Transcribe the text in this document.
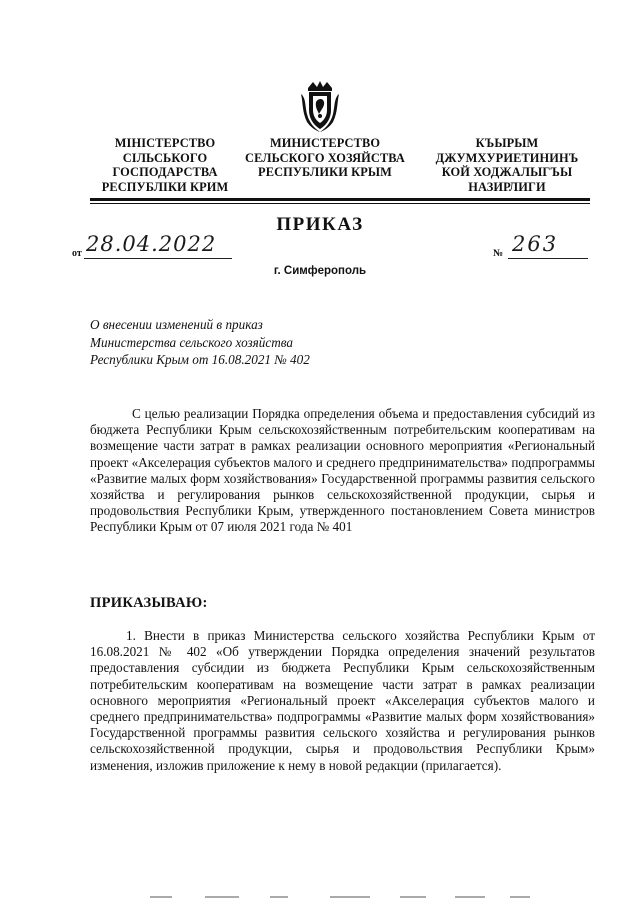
МІНІСТЕРСТВО
СІЛЬСЬКОГО
ГОСПОДАРСТВА
РЕСПУБЛІКИ КРИМ
МИНИСТЕРСТВО
СЕЛЬСКОГО ХОЗЯЙСТВА
РЕСПУБЛИКИ КРЫМ
КЪЫРЫМ
ДЖУМХУРИЕТИНИНЪ
КОЙ ХОДЖАЛЫГЪЫ
НАЗИРЛИГИ
ПРИКАЗ
от 28.04.2022	№ 263
г. Симферополь
О внесении изменений в приказ
Министерства сельского хозяйства
Республики Крым от 16.08.2021 № 402

С целью реализации Порядка определения объема и предоставления субсидий из бюджета Республики Крым сельскохозяйственным потребительским кооперативам на возмещение части затрат в рамках реализации основного мероприятия «Региональный проект «Акселерация субъектов малого и среднего предпринимательства» подпрограммы «Развитие малых форм хозяйствования» Государственной программы развития сельского хозяйства и регулирования рынков сельскохозяйственной продукции, сырья и продовольствия Республики Крым, утвержденного постановлением Совета министров Республики Крым от 07 июля 2021 года № 401

ПРИКАЗЫВАЮ:

1. Внести в приказ Министерства сельского хозяйства Республики Крым от 16.08.2021 № 402 «Об утверждении Порядка определения значений результатов предоставления субсидии из бюджета Республики Крым сельскохозяйственным потребительским кооперативам на возмещение части затрат в рамках реализации основного мероприятия «Региональный проект «Акселерация субъектов малого и среднего предпринимательства» подпрограммы «Развитие малых форм хозяйствования» Государственной программы развития сельского хозяйства и регулирования рынков сельскохозяйственной продукции, сырья и продовольствия Республики Крым» изменения, изложив приложение к нему в новой редакции (прилагается).
